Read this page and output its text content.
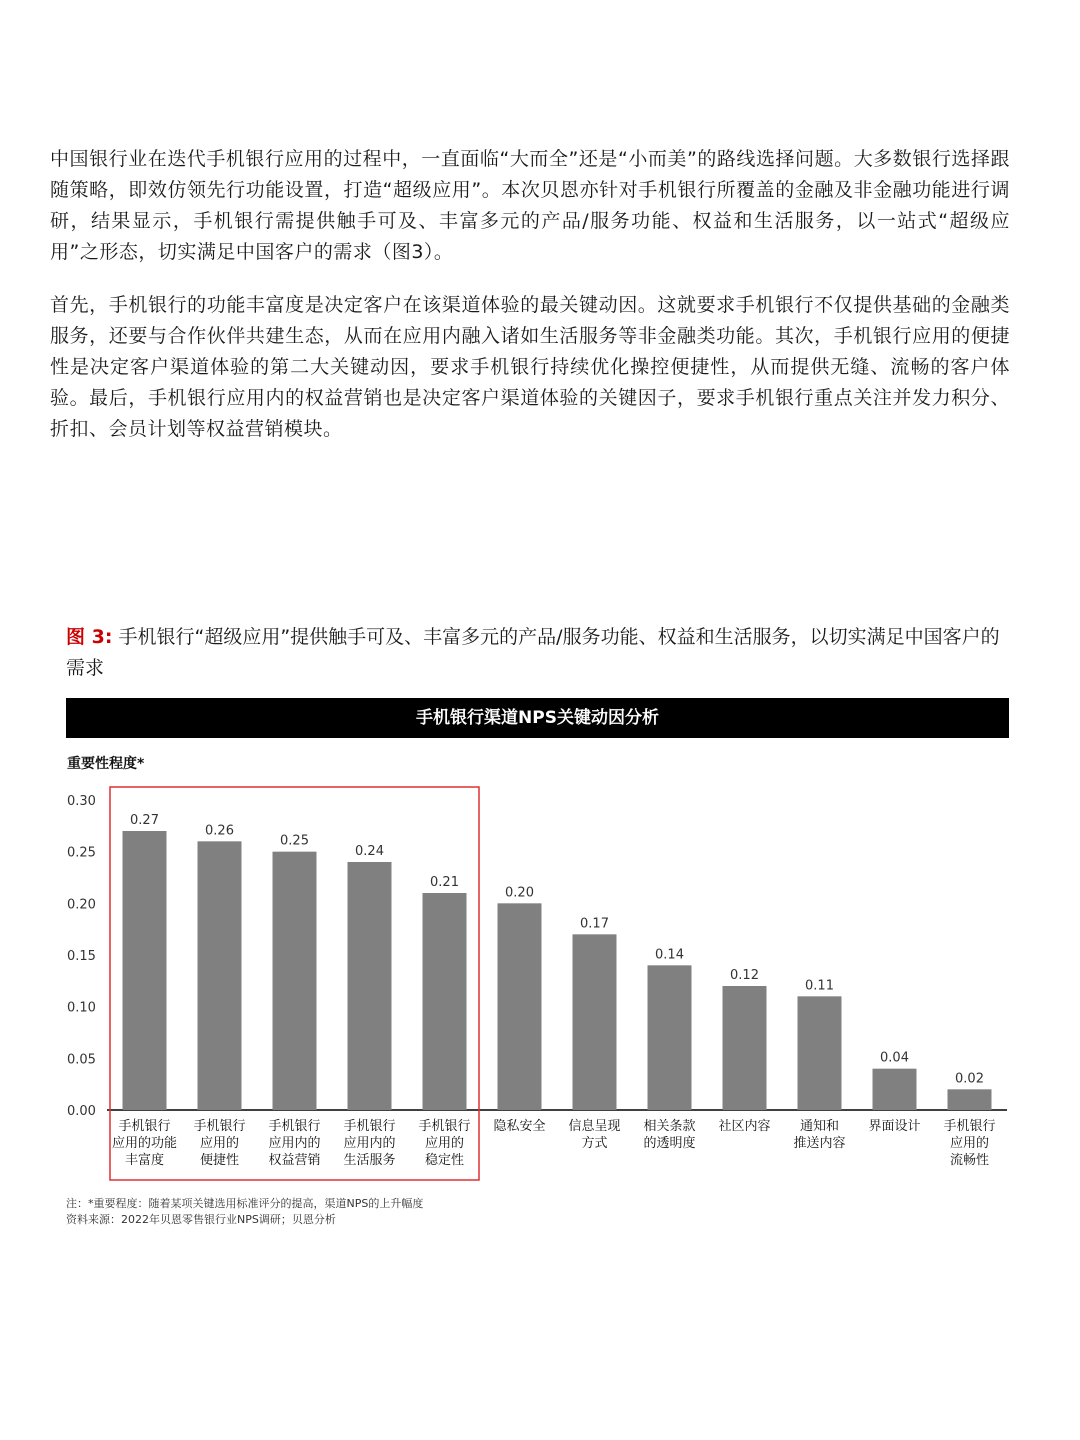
中国银行业在迭代手机银行应用的过程中，一直面临“大而全”还是“小而美”的路线选择问题。大多数银行选择跟随策略，即效仿领先行功能设置，打造“超级应用”。本次贝恩亦针对手机银行所覆盖的金融及非金融功能进行调研，结果显示，手机银行需提供触手可及、丰富多元的产品/服务功能、权益和生活服务，以一站式“超级应用”之形态，切实满足中国客户的需求（图3）。

首先，手机银行的功能丰富度是决定客户在该渠道体验的最关键动因。这就要求手机银行不仅提供基础的金融类服务，还要与合作伙伴共建生态，从而在应用内融入诸如生活服务等非金融类功能。其次，手机银行应用的便捷性是决定客户渠道体验的第二大关键动因，要求手机银行持续优化操控便捷性，从而提供无缝、流畅的客户体验。最后，手机银行应用内的权益营销也是决定客户渠道体验的关键因子，要求手机银行重点关注并发力积分、折扣、会员计划等权益营销模块。

图 3: 手机银行“超级应用”提供触手可及、丰富多元的产品/服务功能、权益和生活服务，以切实满足中国客户的需求

手机银行渠道NPS关键动因分析
重要性程度*
0.30
0.25
0.20
0.15
0.10
0.05
0.00
0.27
手机银行
应用的功能
丰富度
0.26
手机银行
应用的
便捷性
0.25
手机银行
应用内的
权益营销
0.24
手机银行
应用内的
生活服务
0.21
手机银行
应用的
稳定性
0.20
隐私安全
0.17
信息呈现
方式
0.14
相关条款
的透明度
0.12
社区内容
0.11
通知和
推送内容
0.04
界面设计
0.02
手机银行
应用的
流畅性
注：*重要程度：随着某项关键选用标准评分的提高，渠道NPS的上升幅度
资料来源：2022年贝恩零售银行业NPS调研；贝恩分析
